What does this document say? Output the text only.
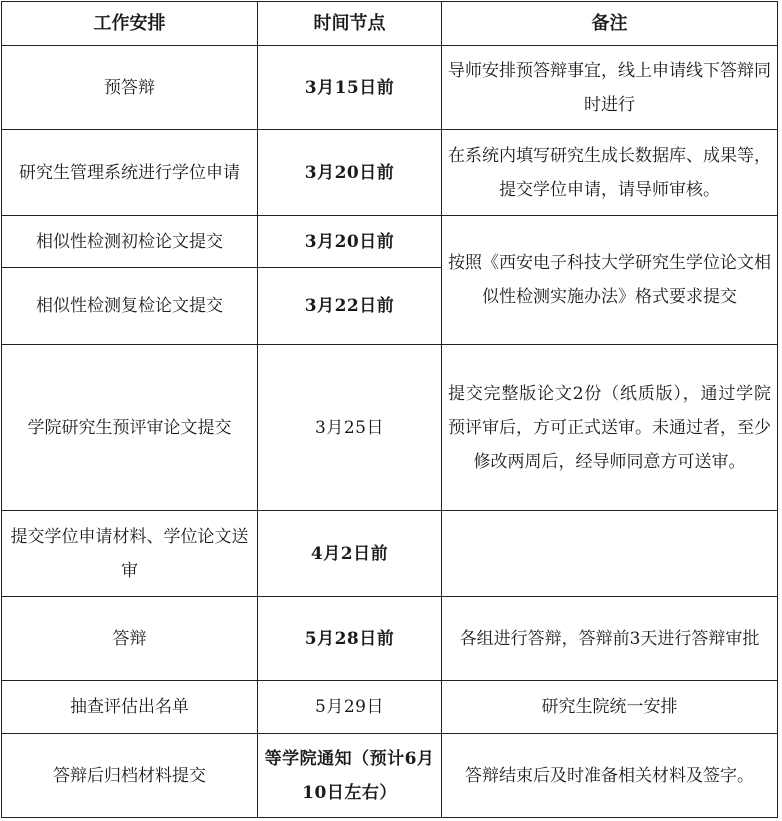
工作安排	时间节点	备注
预答辩	3月15日前	导师安排预答辩事宜，线上申请线下答辩同时进行
研究生管理系统进行学位申请	3月20日前	在系统内填写研究生成长数据库、成果等，提交学位申请，请导师审核。
相似性检测初检论文提交	3月20日前	按照《西安电子科技大学研究生学位论文相似性检测实施办法》格式要求提交
相似性检测复检论文提交	3月22日前	
学院研究生预评审论文提交	3月25日	提交完整版论文2份（纸质版），通过学院预评审后，方可正式送审。未通过者，至少修改两周后，经导师同意方可送审。
提交学位申请材料、学位论文送审	4月2日前	
答辩	5月28日前	各组进行答辩，答辩前3天进行答辩审批
抽查评估出名单	5月29日	研究生院统一安排
答辩后归档材料提交	等学院通知（预计6月10日左右）	答辩结束后及时准备相关材料及签字。
